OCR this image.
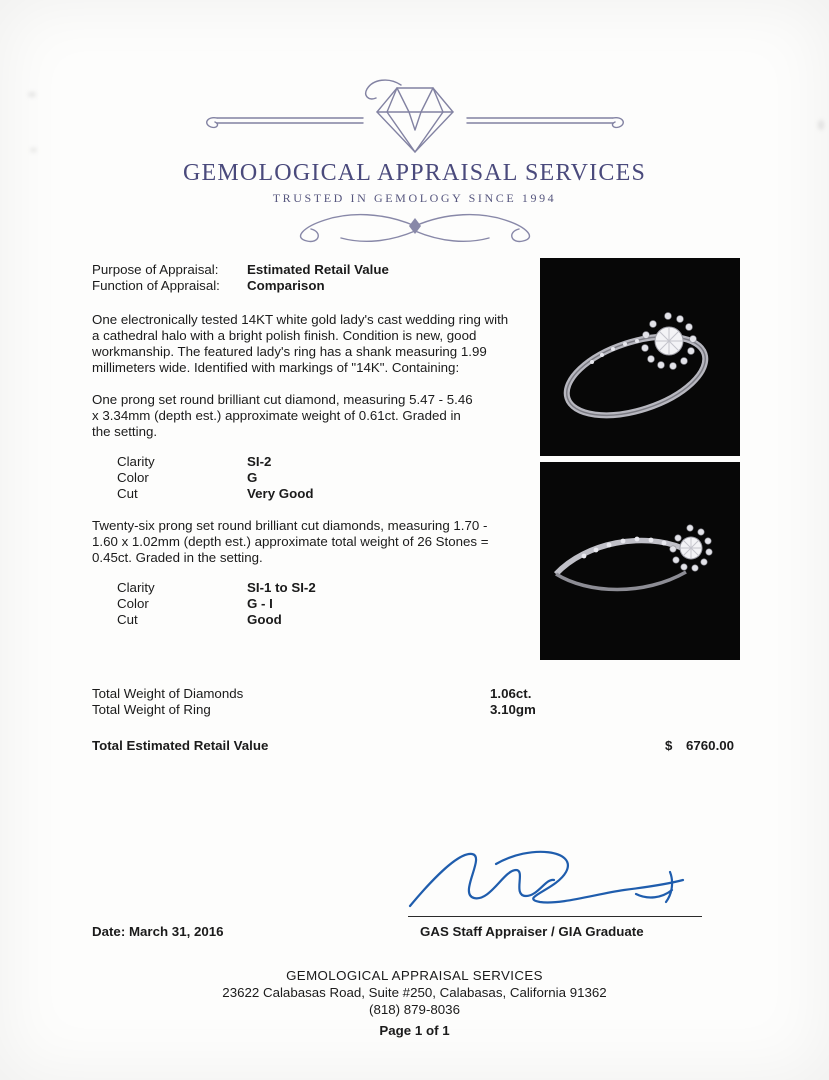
GEMOLOGICAL APPRAISAL SERVICES
TRUSTED IN GEMOLOGY SINCE 1994
Purpose of Appraisal:	Estimated Retail Value
Function of Appraisal:	Comparison
One electronically tested 14KT white gold lady's cast wedding ring with a cathedral halo with a bright polish finish. Condition is new, good workmanship. The featured lady's ring has a shank measuring 1.99 millimeters wide. Identified with markings of "14K". Containing:
One prong set round brilliant cut diamond, measuring 5.47 - 5.46 x 3.34mm (depth est.) approximate weight of 0.61ct. Graded in the setting.
Clarity	SI-2
Color	G
Cut	Very Good
Twenty-six prong set round brilliant cut diamonds, measuring 1.70 - 1.60 x 1.02mm (depth est.) approximate total weight of 26 Stones = 0.45ct. Graded in the setting.
Clarity	SI-1 to SI-2
Color	G - I
Cut	Good
Total Weight of Diamonds	1.06ct.
Total Weight of Ring	3.10gm
Total Estimated Retail Value	$ 6760.00
Date: March 31, 2016	GAS Staff Appraiser / GIA Graduate
GEMOLOGICAL APPRAISAL SERVICES
23622 Calabasas Road, Suite #250, Calabasas, California 91362
(818) 879-8036
Page 1 of 1
